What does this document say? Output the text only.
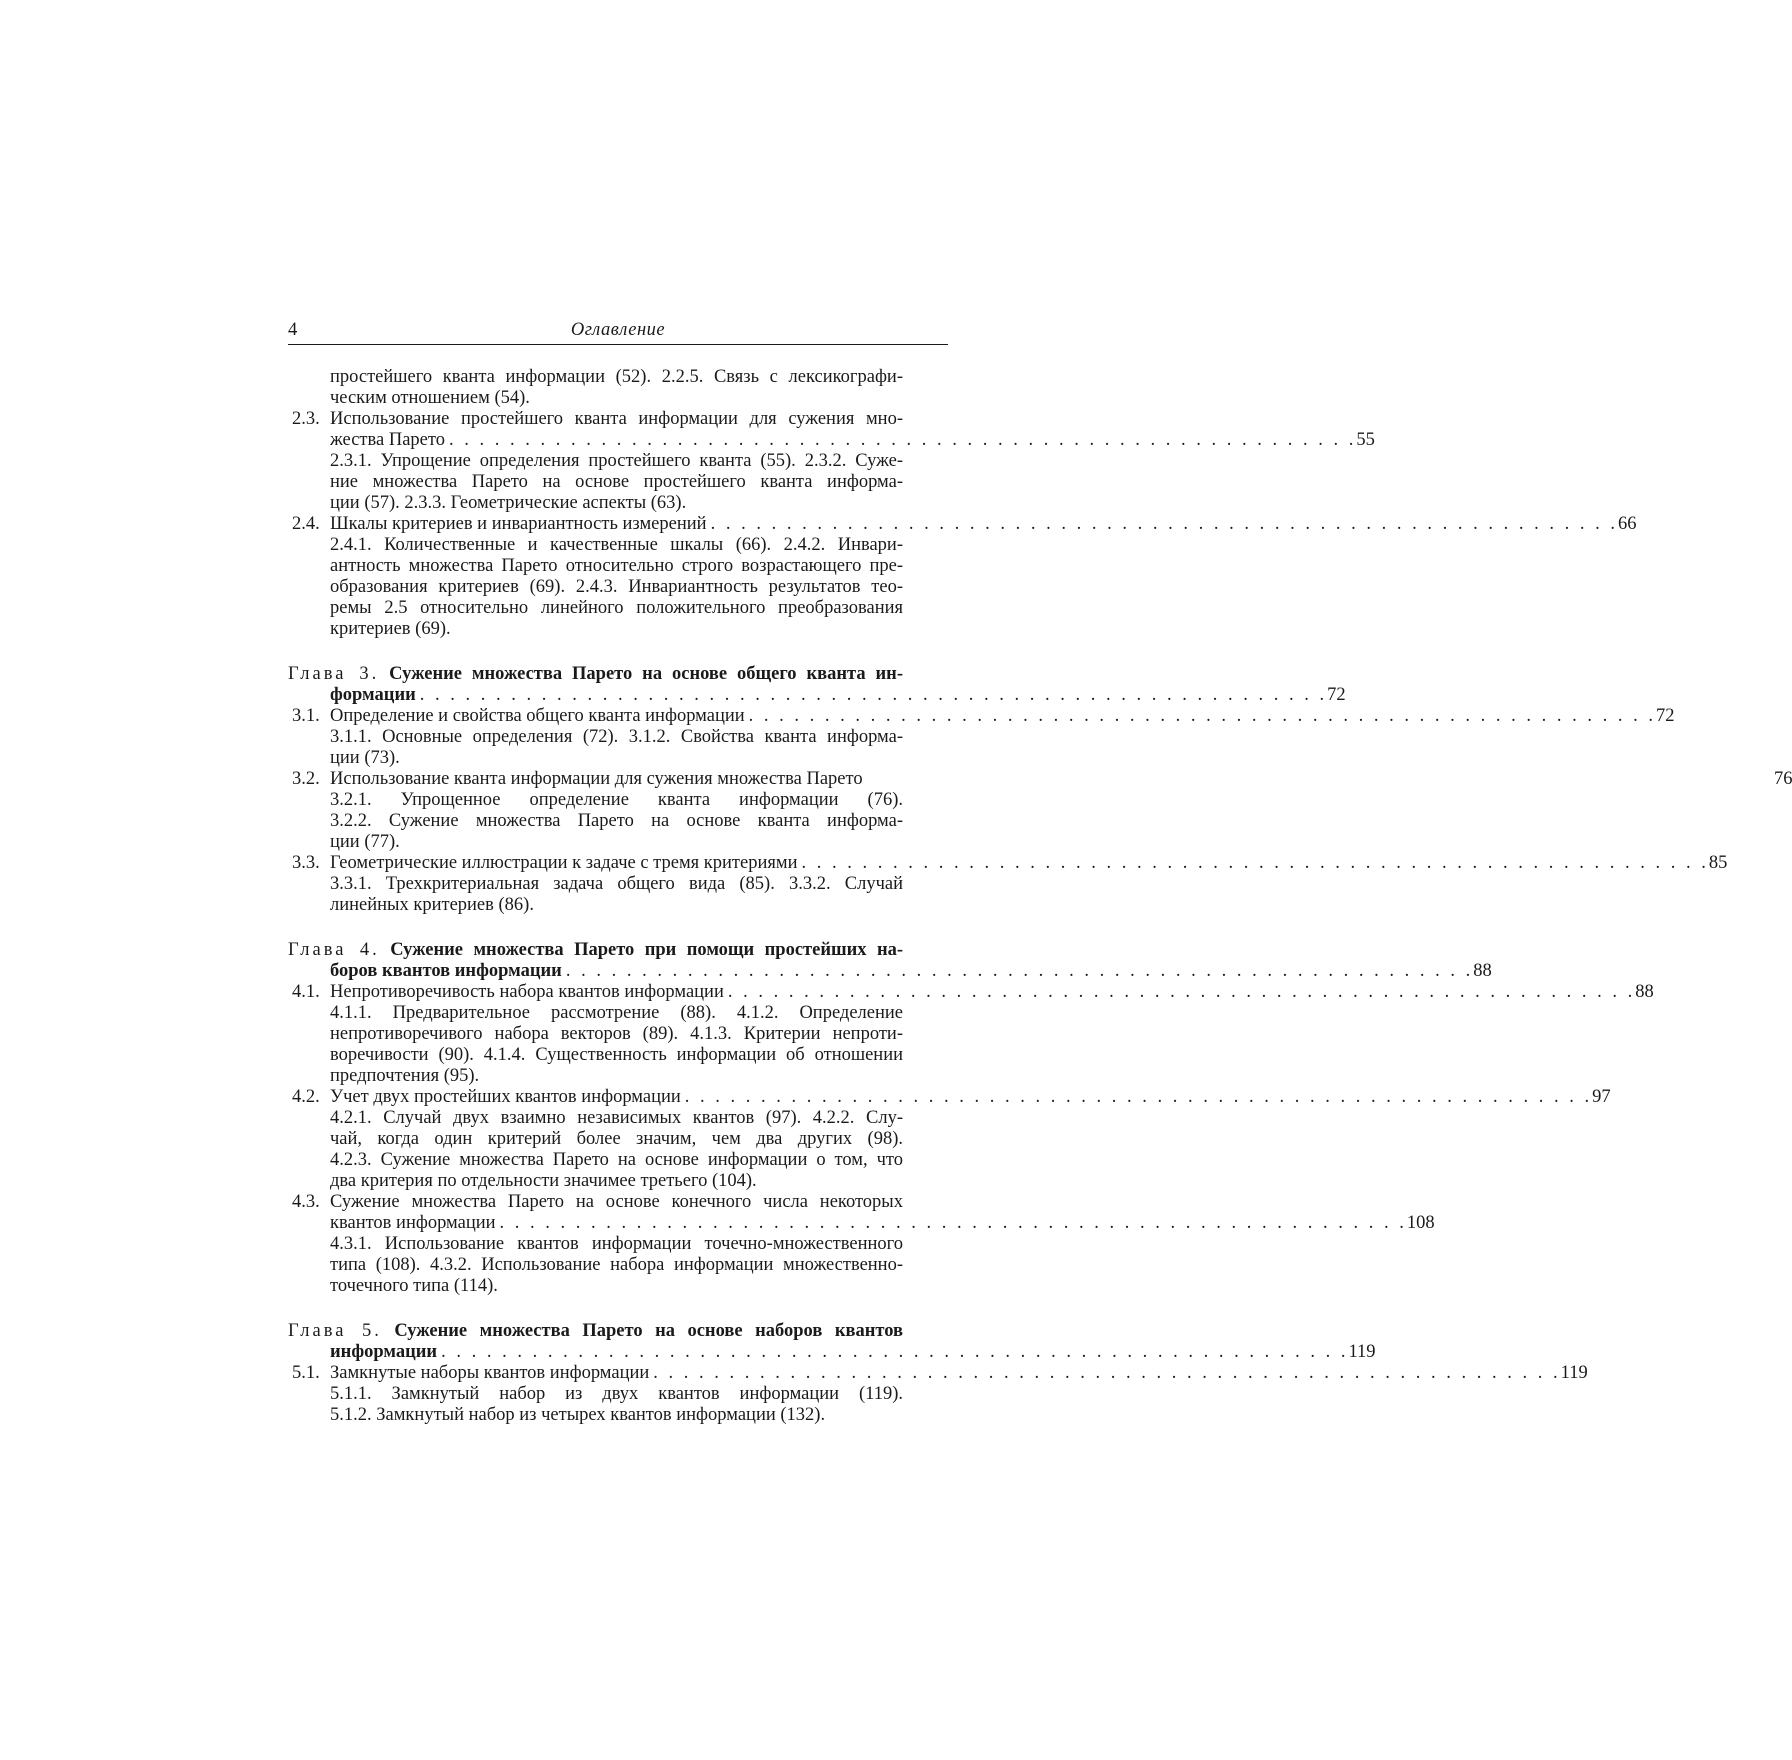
4	Оглавление
простейшего кванта информации (52). 2.2.5. Связь с лексикографи-
ческим отношением (54).
2.3. Использование простейшего кванта информации для сужения мно-
жества Парето . . . . . . . . . . . . . . . . . . . . . . . . . . . . . . . . . . . . . . . . . . . . . . . . . . . . . . . . . . . . 55
2.3.1. Упрощение определения простейшего кванта (55). 2.3.2. Суже-
ние множества Парето на основе простейшего кванта информа-
ции (57). 2.3.3. Геометрические аспекты (63).
2.4. Шкалы критериев и инвариантность измерений . . . . . . . . . . . . . . . . . . . . . . . . . . . . . . . . . . . . . . . . . . . . . . . . . . . . . . . . . . . . 66
2.4.1. Количественные и качественные шкалы (66). 2.4.2. Инвари-
антность множества Парето относительно строго возрастающего пре-
образования критериев (69). 2.4.3. Инвариантность результатов тео-
ремы 2.5 относительно линейного положительного преобразования
критериев (69).
Глава 3. Сужение множества Парето на основе общего кванта ин-
формации . . . . . . . . . . . . . . . . . . . . . . . . . . . . . . . . . . . . . . . . . . . . . . . . . . . . . . . . . . . . 72
3.1. Определение и свойства общего кванта информации . . . . . . . . . . . . . . . . . . . . . . . . . . . . . . . . . . . . . . . . . . . . . . . . . . . . . . . . . . . . 72
3.1.1. Основные определения (72). 3.1.2. Свойства кванта информа-
ции (73).
3.2. Использование кванта информации для сужения множества Парето	76
3.2.1. Упрощенное определение кванта информации (76).
3.2.2. Сужение множества Парето на основе кванта информа-
ции (77).
3.3. Геометрические иллюстрации к задаче с тремя критериями . . . . . . . . . . . . . . . . . . . . . . . . . . . . . . . . . . . . . . . . . . . . . . . . . . . . . . . . . . . . 85
3.3.1. Трехкритериальная задача общего вида (85). 3.3.2. Случай
линейных критериев (86).
Глава 4. Сужение множества Парето при помощи простейших на-
боров квантов информации . . . . . . . . . . . . . . . . . . . . . . . . . . . . . . . . . . . . . . . . . . . . . . . . . . . . . . . . . . . . 88
4.1. Непротиворечивость набора квантов информации . . . . . . . . . . . . . . . . . . . . . . . . . . . . . . . . . . . . . . . . . . . . . . . . . . . . . . . . . . . . 88
4.1.1. Предварительное рассмотрение (88). 4.1.2. Определение
непротиворечивого набора векторов (89). 4.1.3. Критерии непроти-
воречивости (90). 4.1.4. Существенность информации об отношении
предпочтения (95).
4.2. Учет двух простейших квантов информации . . . . . . . . . . . . . . . . . . . . . . . . . . . . . . . . . . . . . . . . . . . . . . . . . . . . . . . . . . . . 97
4.2.1. Случай двух взаимно независимых квантов (97). 4.2.2. Слу-
чай, когда один критерий более значим, чем два других (98).
4.2.3. Сужение множества Парето на основе информации о том, что
два критерия по отдельности значимее третьего (104).
4.3. Сужение множества Парето на основе конечного числа некоторых
квантов информации . . . . . . . . . . . . . . . . . . . . . . . . . . . . . . . . . . . . . . . . . . . . . . . . . . . . . . . . . . . . 108
4.3.1. Использование квантов информации точечно-множественного
типа (108). 4.3.2. Использование набора информации множественно-
точечного типа (114).
Глава 5. Сужение множества Парето на основе наборов квантов
информации . . . . . . . . . . . . . . . . . . . . . . . . . . . . . . . . . . . . . . . . . . . . . . . . . . . . . . . . . . . . 119
5.1. Замкнутые наборы квантов информации . . . . . . . . . . . . . . . . . . . . . . . . . . . . . . . . . . . . . . . . . . . . . . . . . . . . . . . . . . . . 119
5.1.1. Замкнутый набор из двух квантов информации (119).
5.1.2. Замкнутый набор из четырех квантов информации (132).
